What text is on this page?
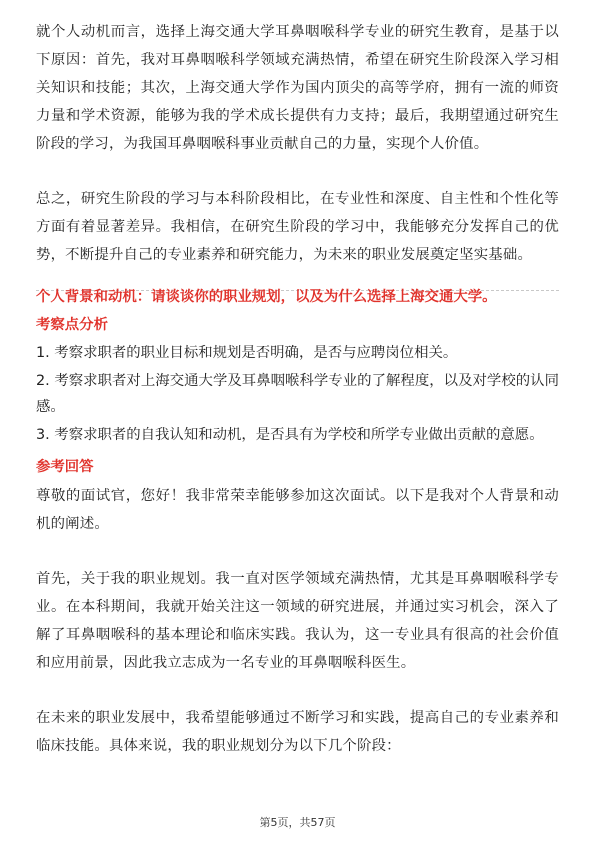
就个人动机而言，选择上海交通大学耳鼻咽喉科学专业的研究生教育，是基于以下原因：首先，我对耳鼻咽喉科学领域充满热情，希望在研究生阶段深入学习相关知识和技能；其次，上海交通大学作为国内顶尖的高等学府，拥有一流的师资力量和学术资源，能够为我的学术成长提供有力支持；最后，我期望通过研究生阶段的学习，为我国耳鼻咽喉科事业贡献自己的力量，实现个人价值。

总之，研究生阶段的学习与本科阶段相比，在专业性和深度、自主性和个性化等方面有着显著差异。我相信，在研究生阶段的学习中，我能够充分发挥自己的优势，不断提升自己的专业素养和研究能力，为未来的职业发展奠定坚实基础。

个人背景和动机：请谈谈你的职业规划，以及为什么选择上海交通大学。
考察点分析

1. 考察求职者的职业目标和规划是否明确，是否与应聘岗位相关。

2. 考察求职者对上海交通大学及耳鼻咽喉科学专业的了解程度，以及对学校的认同感。

3. 考察求职者的自我认知和动机，是否具有为学校和所学专业做出贡献的意愿。

参考回答

尊敬的面试官，您好！我非常荣幸能够参加这次面试。以下是我对个人背景和动机的阐述。

首先，关于我的职业规划。我一直对医学领域充满热情，尤其是耳鼻咽喉科学专业。在本科期间，我就开始关注这一领域的研究进展，并通过实习机会，深入了解了耳鼻咽喉科的基本理论和临床实践。我认为，这一专业具有很高的社会价值和应用前景，因此我立志成为一名专业的耳鼻咽喉科医生。

在未来的职业发展中，我希望能够通过不断学习和实践，提高自己的专业素养和临床技能。具体来说，我的职业规划分为以下几个阶段：

第5页，共57页
